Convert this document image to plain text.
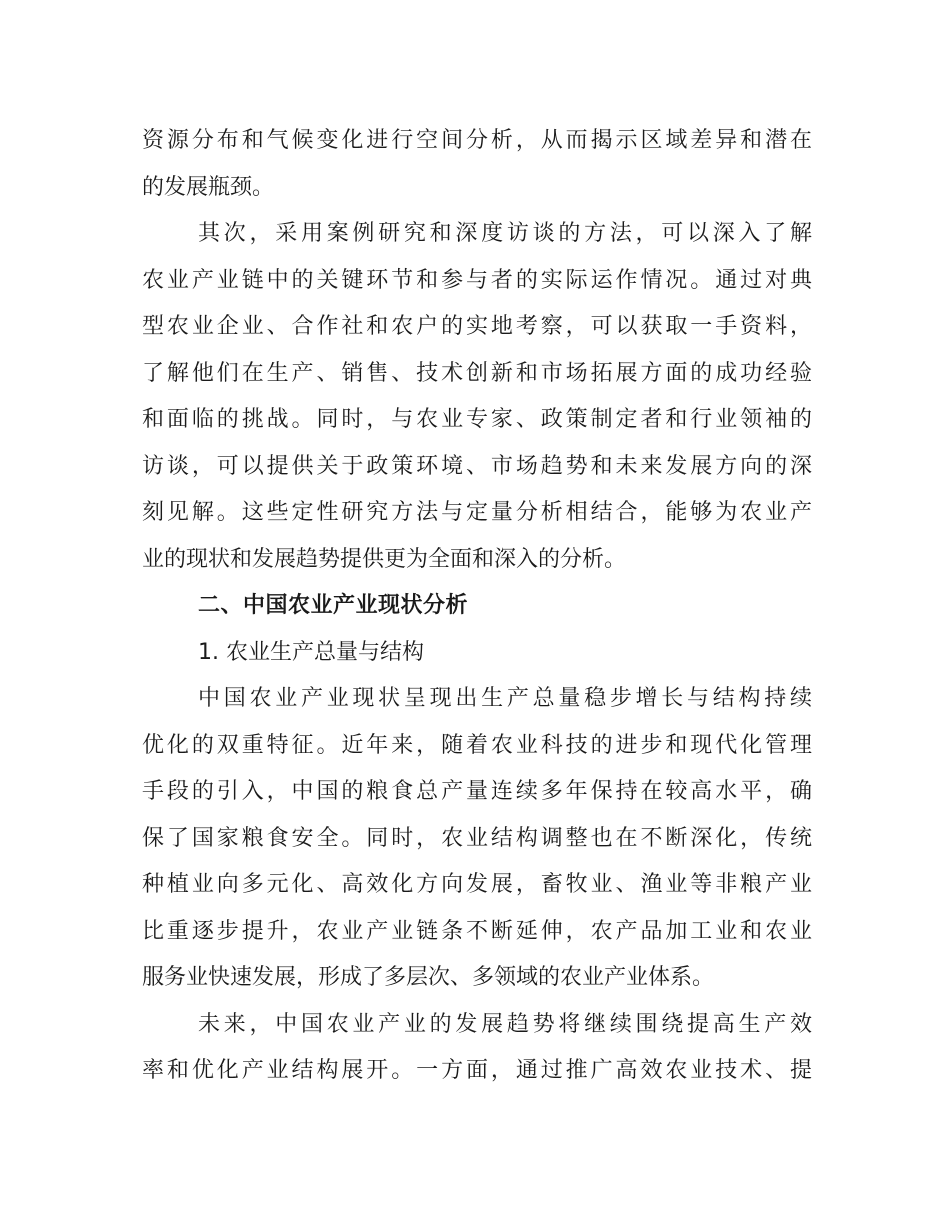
资源分布和气候变化进行空间分析，从而揭示区域差异和潜在
的发展瓶颈。
其次，采用案例研究和深度访谈的方法，可以深入了解
农业产业链中的关键环节和参与者的实际运作情况。通过对典
型农业企业、合作社和农户的实地考察，可以获取一手资料，
了解他们在生产、销售、技术创新和市场拓展方面的成功经验
和面临的挑战。同时，与农业专家、政策制定者和行业领袖的
访谈，可以提供关于政策环境、市场趋势和未来发展方向的深
刻见解。这些定性研究方法与定量分析相结合，能够为农业产
业的现状和发展趋势提供更为全面和深入的分析。
二、中国农业产业现状分析
1. 农业生产总量与结构
中国农业产业现状呈现出生产总量稳步增长与结构持续
优化的双重特征。近年来，随着农业科技的进步和现代化管理
手段的引入，中国的粮食总产量连续多年保持在较高水平，确
保了国家粮食安全。同时，农业结构调整也在不断深化，传统
种植业向多元化、高效化方向发展，畜牧业、渔业等非粮产业
比重逐步提升，农业产业链条不断延伸，农产品加工业和农业
服务业快速发展，形成了多层次、多领域的农业产业体系。
未来，中国农业产业的发展趋势将继续围绕提高生产效
率和优化产业结构展开。一方面，通过推广高效农业技术、提
